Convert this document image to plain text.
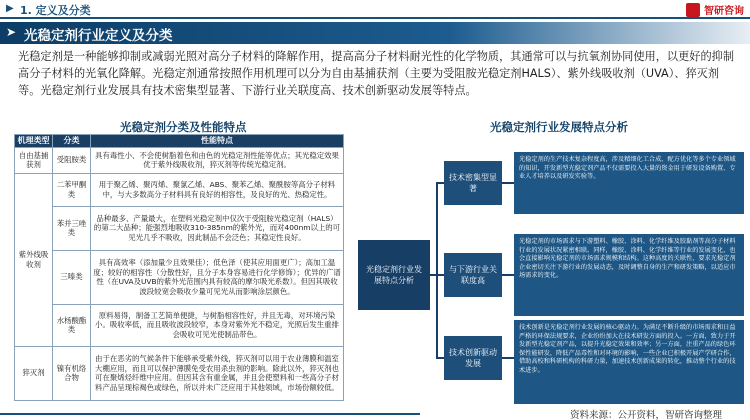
▶ 1. 定义及分类	智研咨询
➤ 光稳定剂行业定义及分类

光稳定剂是一种能够抑制或减弱光照对高分子材料的降解作用，提高高分子材料耐光性的化学物质，其通常可以与抗氧剂协同使用，以更好的抑制高分子材料的光氧化降解。光稳定剂通常按照作用机理可以分为自由基捕获剂（主要为受阻胺光稳定剂HALS）、紫外线吸收剂（UVA）、猝灭剂等。光稳定剂行业发展具有技术密集型显著、下游行业关联度高、技术创新驱动发展等特点。

光稳定剂分类及性能特点	光稳定剂行业发展特点分析
机理类型	分类	性能特点
自由基捕获剂	受阻胺类	具有毒性小、不会使树脂着色和由色的光稳定剂性能等优点；其光稳定效果优于紫外线吸收剂，猝灭剂等传统光稳定剂。
紫外线吸收剂	二苯甲酮类	用于聚乙烯、聚丙烯、聚氯乙烯、ABS、聚苯乙烯、聚酰胺等高分子材料中，与大多数高分子材料具有良好的相容性，及良好的光、热稳定性。
	苯并三唑类	品种最多、产量最大，在塑料光稳定剂中仅次于受阻胺光稳定剂（HALS）的第二大品种；能强烈地吸收310-385nm的紫外光，而对400nm以上的可见光几乎不吸收，因此制品不会泛色；其稳定性良好。
	三嗪类	具有高效率（添加量少且效果佳）；低色泽（使其应用面更广）；高加工温度；较好的相容性（分散性好，且分子本身容易进行化学修饰）；优异的广谱性（在UVA及UVB的紫外光范围内具有较高的摩尔吸光系数）。但因其吸收波段较宽会吸收少量可见光从而影响涂层颜色。
	水杨酸酯类	原料易得，制备工艺简单便捷，与树脂相容性好，并且无毒，对环境污染小。吸收率低，而且吸收波段较窄，本身对紫外光不稳定，光照后发生重排会吸收可见光使制品带色。
猝灭剂	镍有机络合物	由于在恶劣的气候条件下能够承受紫外线，猝灭剂可以用于农业薄膜和温室大棚应用，而且可以保护薄膜免受农用杀虫剂的影响。除此以外，猝灭剂也可在聚烯烃纤维中应用。但因其含有重金属，并且会使塑料和一些高分子材料产品呈现棕褐色或绿色，所以并未广泛应用于其他领域，市场份额较低。
光稳定剂行业发展特点分析
技术密集型显著
与下游行业关联度高
技术创新驱动发展
光稳定剂的生产技术复杂程度高，涉及精细化工合成、配方优化等多个专业领域的知识，开发新型光稳定剂产品不仅需要投入大量的资金用于研发设备购置、专业人才培养以及研发实验等。
光稳定剂的市场需求与下游塑料、橡胶、涂料、化学纤维及胶黏剂等高分子材料行业的发展状况紧密相联。同样，橡胶、涂料、化学纤维等行业的发展变化，也会直接影响光稳定剂的市场需求规模和结构。这种高度的关联性，要求光稳定剂企业密切关注下游行业的发展动态，及时调整自身的生产和研发策略，以适应市场需求的变化。
技术创新是光稳定剂行业发展的核心驱动力。为满足不断升级的市场需求和日益严格的环保法规要求，企业纷纷加大在技术研发方面的投入。一方面，致力于开发新型光稳定剂产品，以提升光稳定效果和效率；另一方面，注重产品的绿色环保性能研发，降低产品毒性和对环境的影响，一些企业已积极开展产学研合作，借助高校和科研机构的科研力量，加速技术创新成果的转化，推动整个行业的技术进步。
资料来源：公开资料，智研咨询整理
